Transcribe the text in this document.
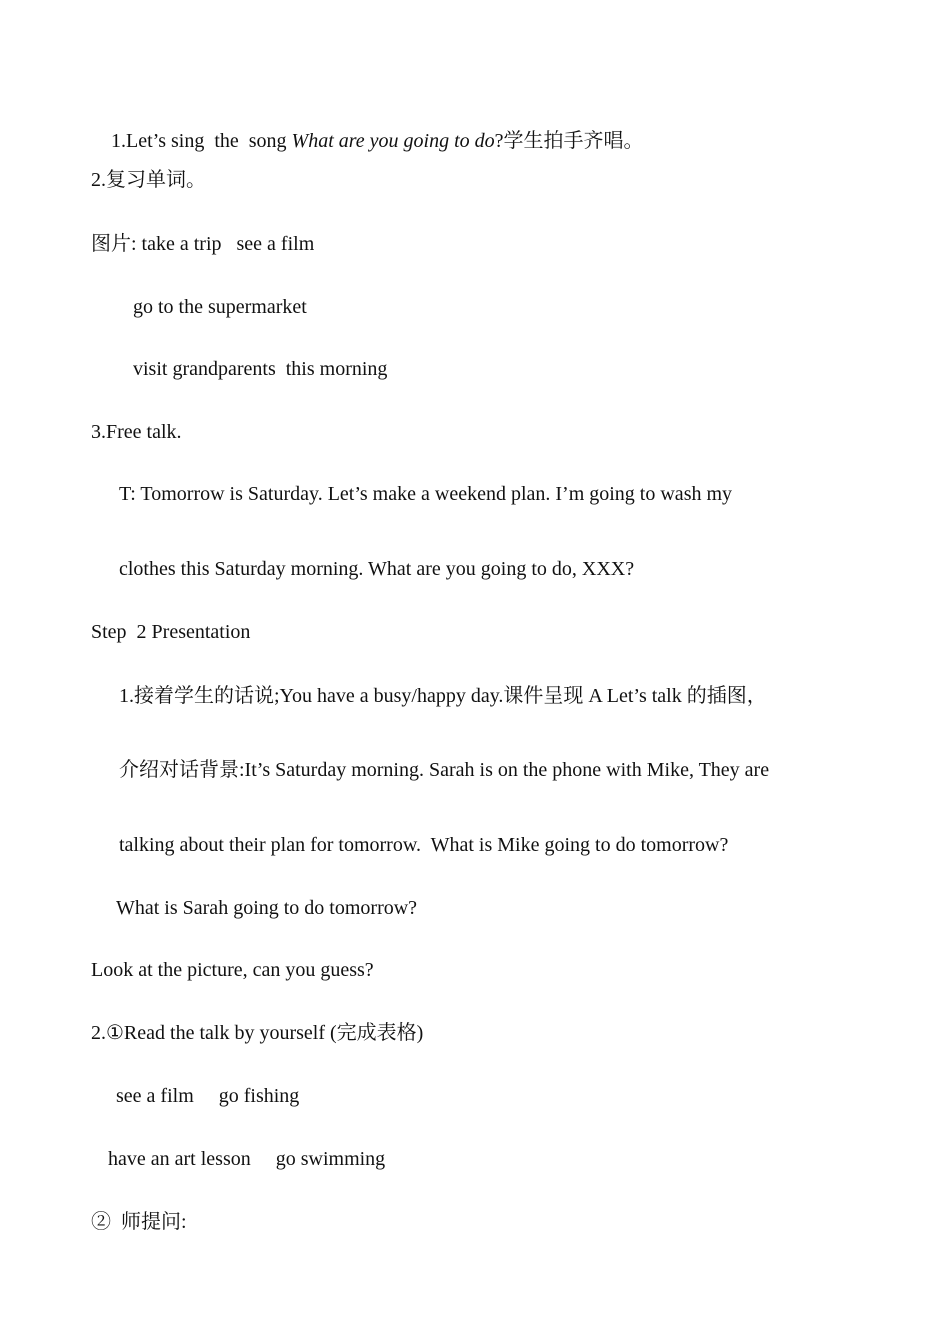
1.Let’s sing  the  song What are you going to do?学生拍手齐唱。

2.复习单词。
图片: take a trip   see a film
go to the supermarket
visit grandparents  this morning
3.Free talk.
T: Tomorrow is Saturday. Let’s make a weekend plan. I’m going to wash my
clothes this Saturday morning. What are you going to do, XXX?
Step  2 Presentation
1.接着学生的话说;You have a busy/happy day.课件呈现 A Let’s talk 的插图，
介绍对话背景:It’s Saturday morning. Sarah is on the phone with Mike, They are
talking about their plan for tomorrow.  What is Mike going to do tomorrow?
What is Sarah going to do tomorrow?
Look at the picture, can you guess?
2.①Read the talk by yourself (完成表格)
see a film     go fishing
have an art lesson     go swimming
②  师提问:
